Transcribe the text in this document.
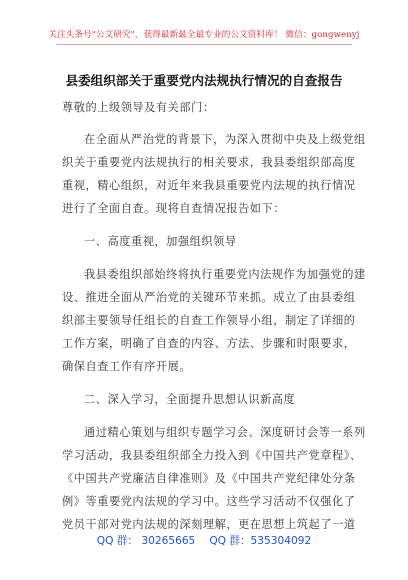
关注头条号"公文研究"，获得最新最全最专业的公文资料库！ 微信：gongwenyj
县委组织部关于重要党内法规执行情况的自查报告
尊敬的上级领导及有关部门：
在全面从严治党的背景下，为深入贯彻中央及上级党组
织关于重要党内法规执行的相关要求，我县委组织部高度
重视，精心组织，对近年来我县重要党内法规的执行情况
进行了全面自查。现将自查情况报告如下：
一、高度重视，加强组织领导
我县委组织部始终将执行重要党内法规作为加强党的建
设、推进全面从严治党的关键环节来抓。成立了由县委组
织部主要领导任组长的自查工作领导小组，制定了详细的
工作方案，明确了自查的内容、方法、步骤和时限要求，
确保自查工作有序开展。
二、深入学习，全面提升思想认识新高度
通过精心策划与组织专题学习会、深度研讨会等一系列
学习活动，我县委组织部全力投入到《中国共产党章程》、
《中国共产党廉洁自律准则》及《中国共产党纪律处分条
例》等重要党内法规的学习中。这些学习活动不仅强化了
党员干部对党内法规的深刻理解，更在思想上筑起了一道
QQ 群： 30265665 QQ 群：535304092
